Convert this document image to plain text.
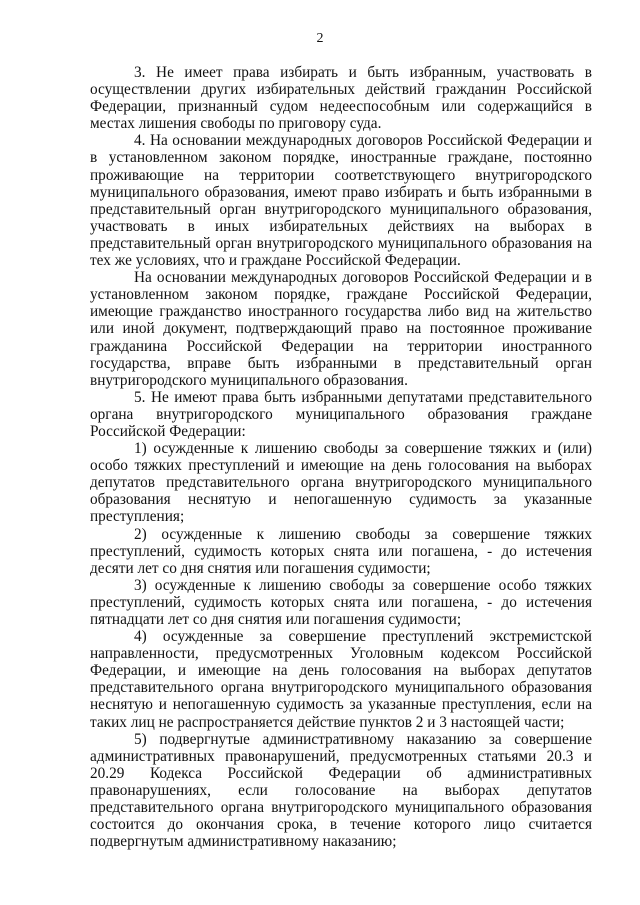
2

3. Не имеет права избирать и быть избранным, участвовать в осуществлении других избирательных действий гражданин Российской Федерации, признанный судом недееспособным или содержащийся в местах лишения свободы по приговору суда.

4. На основании международных договоров Российской Федерации и в установленном законом порядке, иностранные граждане, постоянно проживающие на территории соответствующего внутригородского муниципального образования, имеют право избирать и быть избранными в представительный орган внутригородского муниципального образования, участвовать в иных избирательных действиях на выборах в представительный орган внутригородского муниципального образования на тех же условиях, что и граждане Российской Федерации.

На основании международных договоров Российской Федерации и в установленном законом порядке, граждане Российской Федерации, имеющие гражданство иностранного государства либо вид на жительство или иной документ, подтверждающий право на постоянное проживание гражданина Российской Федерации на территории иностранного государства, вправе быть избранными в представительный орган внутригородского муниципального образования.

5. Не имеют права быть избранными депутатами представительного органа внутригородского муниципального образования граждане Российской Федерации:

1) осужденные к лишению свободы за совершение тяжких и (или) особо тяжких преступлений и имеющие на день голосования на выборах депутатов представительного органа внутригородского муниципального образования неснятую и непогашенную судимость за указанные преступления;

2) осужденные к лишению свободы за совершение тяжких преступлений, судимость которых снята или погашена, - до истечения десяти лет со дня снятия или погашения судимости;

3) осужденные к лишению свободы за совершение особо тяжких преступлений, судимость которых снята или погашена, - до истечения пятнадцати лет со дня снятия или погашения судимости;

4) осужденные за совершение преступлений экстремистской направленности, предусмотренных Уголовным кодексом Российской Федерации, и имеющие на день голосования на выборах депутатов представительного органа внутригородского муниципального образования неснятую и непогашенную судимость за указанные преступления, если на таких лиц не распространяется действие пунктов 2 и 3 настоящей части;

5) подвергнутые административному наказанию за совершение административных правонарушений, предусмотренных статьями 20.3 и 20.29 Кодекса Российской Федерации об административных правонарушениях, если голосование на выборах депутатов представительного органа внутригородского муниципального образования состоится до окончания срока, в течение которого лицо считается подвергнутым административному наказанию;
